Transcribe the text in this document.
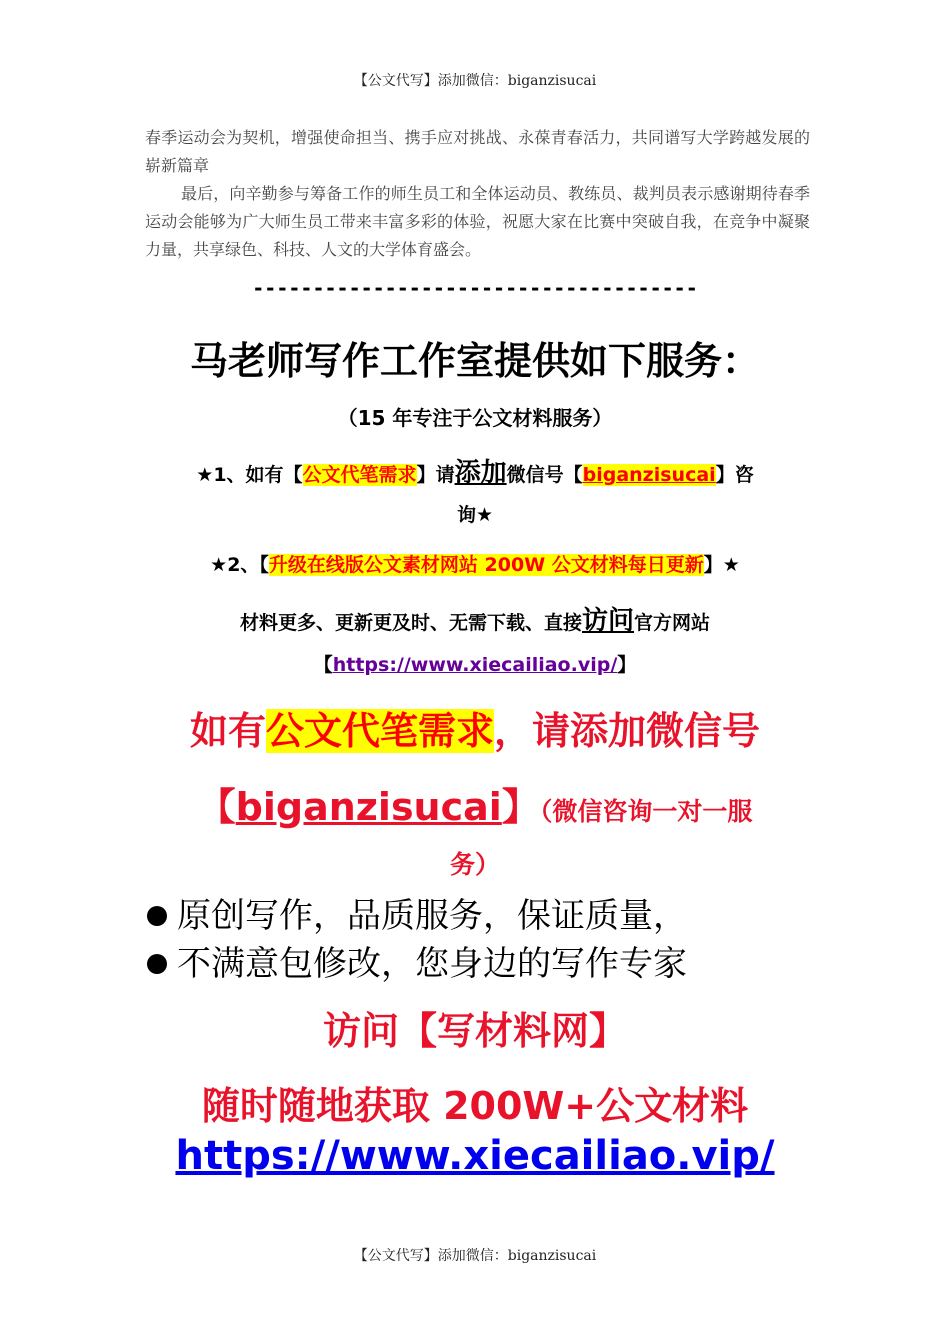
【公文代写】添加微信：biganzisucai

春季运动会为契机，增强使命担当、携手应对挑战、永葆青春活力，共同谱写大学跨越发展的崭新篇章

最后，向辛勤参与筹备工作的师生员工和全体运动员、教练员、裁判员表示感谢期待春季运动会能够为广大师生员工带来丰富多彩的体验，祝愿大家在比赛中突破自我，在竞争中凝聚力量，共享绿色、科技、人文的大学体育盛会。

-------------------------------------
马老师写作工作室提供如下服务：
（15 年专注于公文材料服务）
★1、如有【公文代笔需求】请添加微信号【biganzisucai】咨
询★
★2、【升级在线版公文素材网站 200W 公文材料每日更新】★
材料更多、更新更及时、无需下载、直接访问官方网站
【https://www.xiecailiao.vip/】
如有公文代笔需求，请添加微信号
【biganzisucai】（微信咨询一对一服
务）
原创写作，品质服务，保证质量，
不满意包修改，您身边的写作专家
访问【写材料网】
随时随地获取 200W+公文材料
https://www.xiecailiao.vip/
【公文代写】添加微信：biganzisucai
